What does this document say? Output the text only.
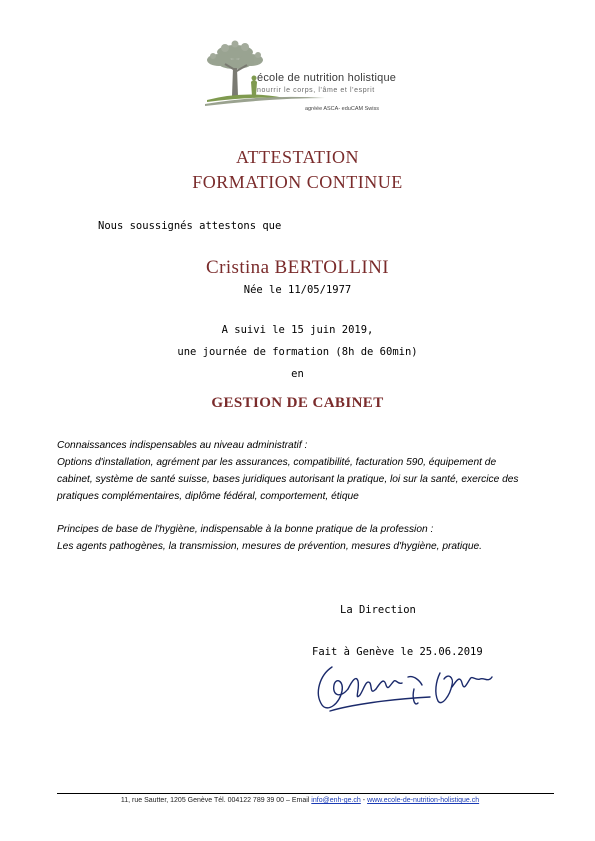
école de nutrition holistique
nourrir le corps, l'âme et l'esprit
agréée ASCA- eduCAM Swiss
ATTESTATION
FORMATION CONTINUE
Nous soussignés attestons que
Cristina BERTOLLINI
Née le 11/05/1977
A suivi le 15 juin 2019,
une journée de formation (8h de 60min)
en
GESTION DE CABINET
Connaissances indispensables au niveau administratif :
Options d'installation, agrément par les assurances, compatibilité, facturation 590, équipement de
cabinet, système de santé suisse, bases juridiques autorisant la pratique, loi sur la santé, exercice des
pratiques complémentaires, diplôme fédéral, comportement, étique
Principes de base de l'hygiène, indispensable à la bonne pratique de la profession :
Les agents pathogènes, la transmission, mesures de prévention, mesures d'hygiène, pratique.
La Direction
Fait à Genève le 25.06.2019
11, rue Sautter, 1205 Genève Tél. 004122 789 39 00 – Email info@enh-ge.ch - www.ecole-de-nutrition-holistique.ch
